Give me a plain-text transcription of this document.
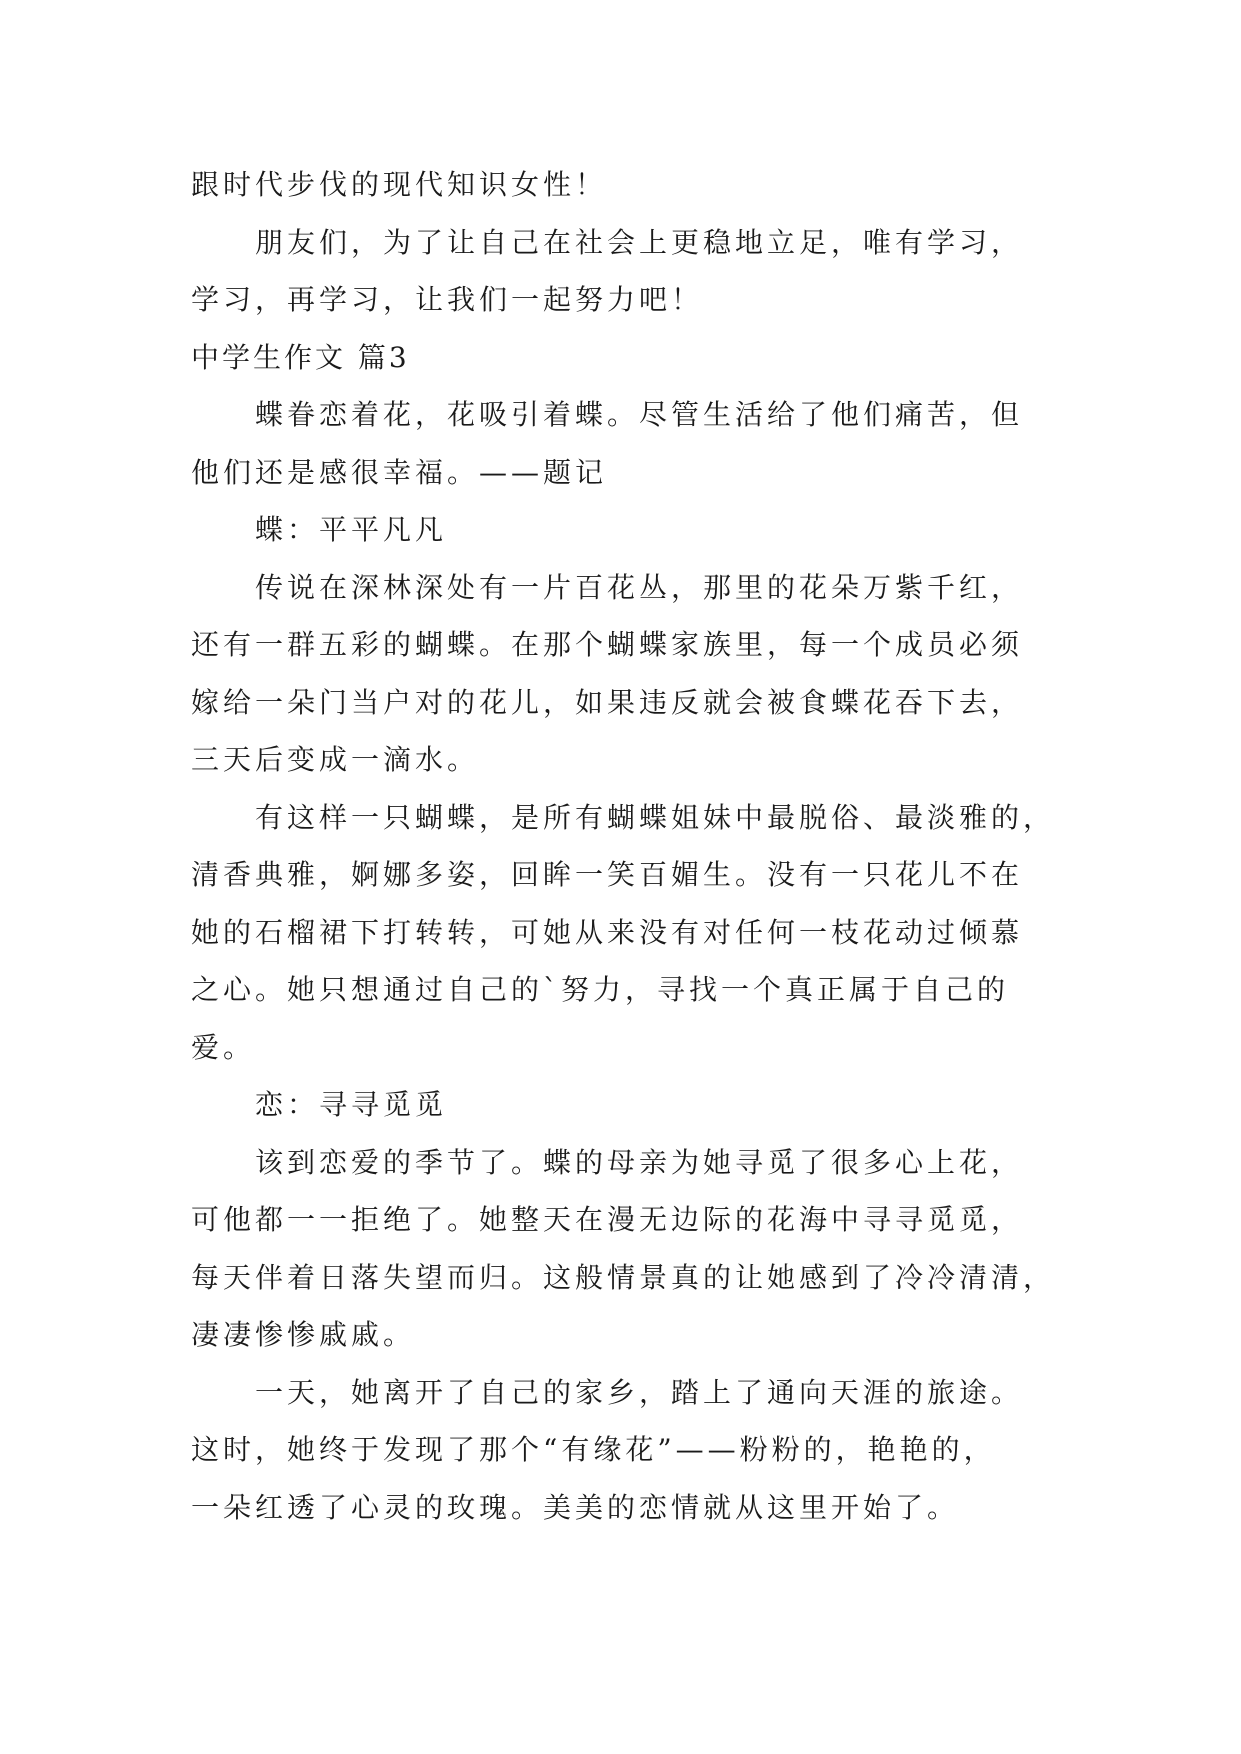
跟时代步伐的现代知识女性！
朋友们，为了让自己在社会上更稳地立足，唯有学习，
学习，再学习，让我们一起努力吧！
中学生作文 篇3
蝶眷恋着花，花吸引着蝶。尽管生活给了他们痛苦，但
他们还是感很幸福。——题记
蝶：平平凡凡
传说在深林深处有一片百花丛，那里的花朵万紫千红，
还有一群五彩的蝴蝶。在那个蝴蝶家族里，每一个成员必须
嫁给一朵门当户对的花儿，如果违反就会被食蝶花吞下去，
三天后变成一滴水。
有这样一只蝴蝶，是所有蝴蝶姐妹中最脱俗、最淡雅的，
清香典雅，婀娜多姿，回眸一笑百媚生。没有一只花儿不在
她的石榴裙下打转转，可她从来没有对任何一枝花动过倾慕
之心。她只想通过自己的`努力，寻找一个真正属于自己的
爱。
恋：寻寻觅觅
该到恋爱的季节了。蝶的母亲为她寻觅了很多心上花，
可他都一一拒绝了。她整天在漫无边际的花海中寻寻觅觅，
每天伴着日落失望而归。这般情景真的让她感到了冷冷清清，
凄凄惨惨戚戚。
一天，她离开了自己的家乡，踏上了通向天涯的旅途。
这时，她终于发现了那个“有缘花”——粉粉的，艳艳的，
一朵红透了心灵的玫瑰。美美的恋情就从这里开始了。
